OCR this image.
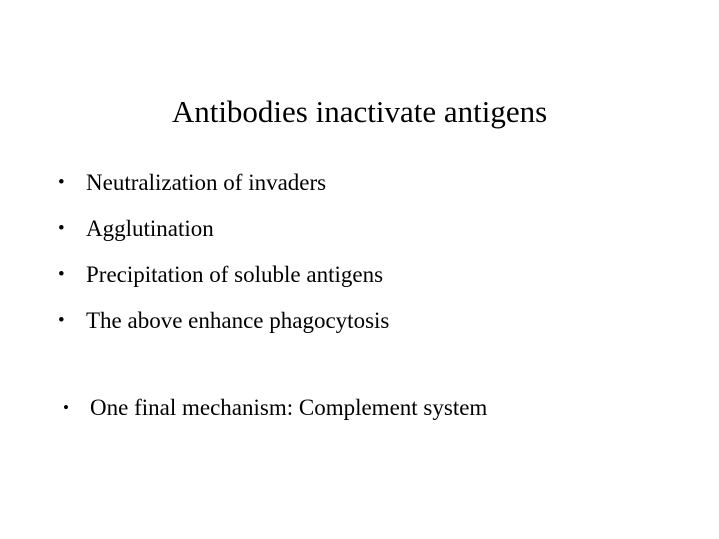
Antibodies inactivate antigens
• Neutralization of invaders
• Agglutination
• Precipitation of soluble antigens
• The above enhance phagocytosis
• One final mechanism: Complement system
